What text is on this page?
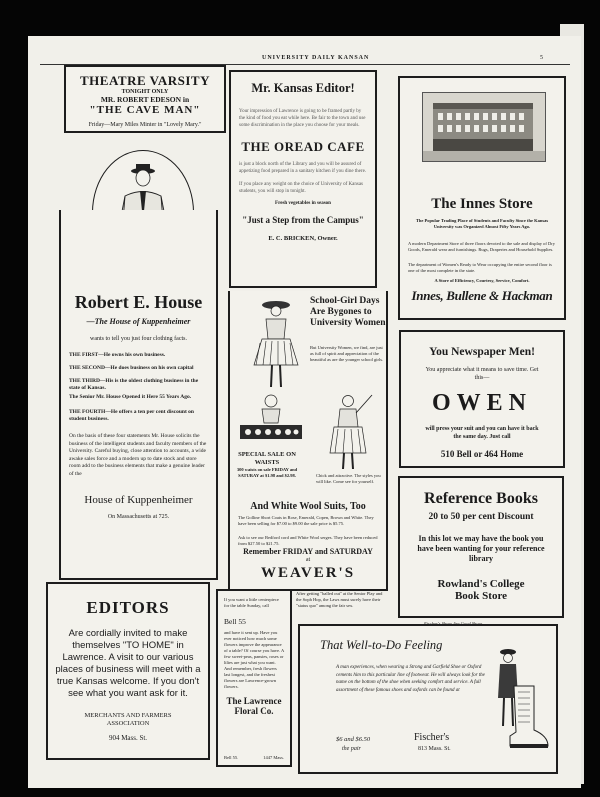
UNIVERSITY DAILY KANSAN	5
THEATRE VARSITY
TONIGHT ONLY
MR. ROBERT EDESON in
"THE CAVE MAN"
Friday—Mary Miles Minter in "Lovely Mary."
Robert E. House
—The House of Kuppenheimer
wants to tell you just four clothing facts.

THE FIRST—He owns his own business.

THE SECOND—He does business on his own capital

THE THIRD—His is the oldest clothing business in the state of Kansas.

The Senior Mr. House Opened it Here 55 Years Ago.

THE FOURTH—He offers a ten per cent discount on student business.

On the basis of these four statements Mr. House solicits the business of the intelligent students and faculty members of the University. Careful buying, close attention to accounts, a wide awake sales force and a modern up to date stock and store room add to the business elements that make a genuine leader of the
House of Kuppenheimer
On Massachusetts at 725.
Mr. Kansas Editor!
Your impression of Lawrence is going to be framed partly by the kind of food you eat while here. Be fair to the town and use some discrimination in the place you choose for your meals.
THE OREAD CAFE
is just a block north of the Library and you will be assured of appetizing food prepared in a sanitary kitchen if you dine there.
If you place any weight on the choice of University of Kansas students, you will stop in tonight.
Fresh vegetables in season
"Just a Step from the Campus"
E. C. BRICKEN, Owner.
The Innes Store
The Popular Trading Place of Students and Faculty Since the Kansas University was Organized Almost Fifty Years Ago.
A modern Department Store of three floors devoted to the sale and display of Dry Goods, Emerald wear and furnishings. Rugs, Draperies and Household Supplies.
The department of Women's Ready to Wear occupying the entire second floor is one of the most complete in the state.
A Store of Efficiency, Courtesy, Service, Comfort.
Innes, Bullene & Hackman
School-Girl Days Are Bygones to University Women
But University Women, we find, are just as full of spirit and appreciation of the beautiful as are the younger school girls.
SPECIAL SALE ON WAISTS
300 waists on sale FRIDAY and SATURAY at $1.98 and $2.98.	Chick and attractive. The styles you will like. Come see for yourself.
And White Wool Suits, Too
The Golline Short Coats in Rose, Emerald, Copen, Brown and White. They have been selling for $7.00 to $9.00 the sale price is $5.75.
Ask to see our Bedford cord and White Wool serges. They have been reduced from $27.50 to $21.75.
Remember FRIDAY and SATURDAY
at
WEAVER'S
You Newspaper Men!
You appreciate what it means to save time. Get this—
OWEN
will press your suit and you can have it back the same day. Just call
510 Bell or 464 Home
Reference Books
20 to 50 per cent Discount
In this lot we may have the book you have been wanting for your reference library
Rowland's College
Book Store
EDITORS
Are cordially invited to make themselves "TO HOME" in Lawrence. A visit to our various places of business will meet with a true Kansas welcome. If you don't see what you want ask for it.
MERCHANTS AND FARMERS ASSOCIATION
904 Mass. St.
If you want a little centerpiece for the table Sunday, call
Bell 55
and have it sent up. Have you ever noticed how much some flowers improve the appearance of a table? Of course you have. A few sweet-peas, pansies, roses or lilies are just what you want. And remember, fresh flowers last longest, and the freshest flowers are Lawrence-grown flowers.
The Lawrence
Floral Co.
Bell 55.	1447 Mass.
After getting "balled out" at the Senior Play and the Soph Hop, the Laws must surely have their "status quo" among the fair sex.
That Well-to-Do Feeling
A man experiences, when wearing a Strong and Garfield Shoe or Oxford cements him to this particular line of footwear. He will always look for the name on the bottom of the shoe when seeking comfort and service. A full assortment of these famous shoes and oxfords can be found at
$6 and $6.50
the pair
Fischer's
813 Mass. St.
